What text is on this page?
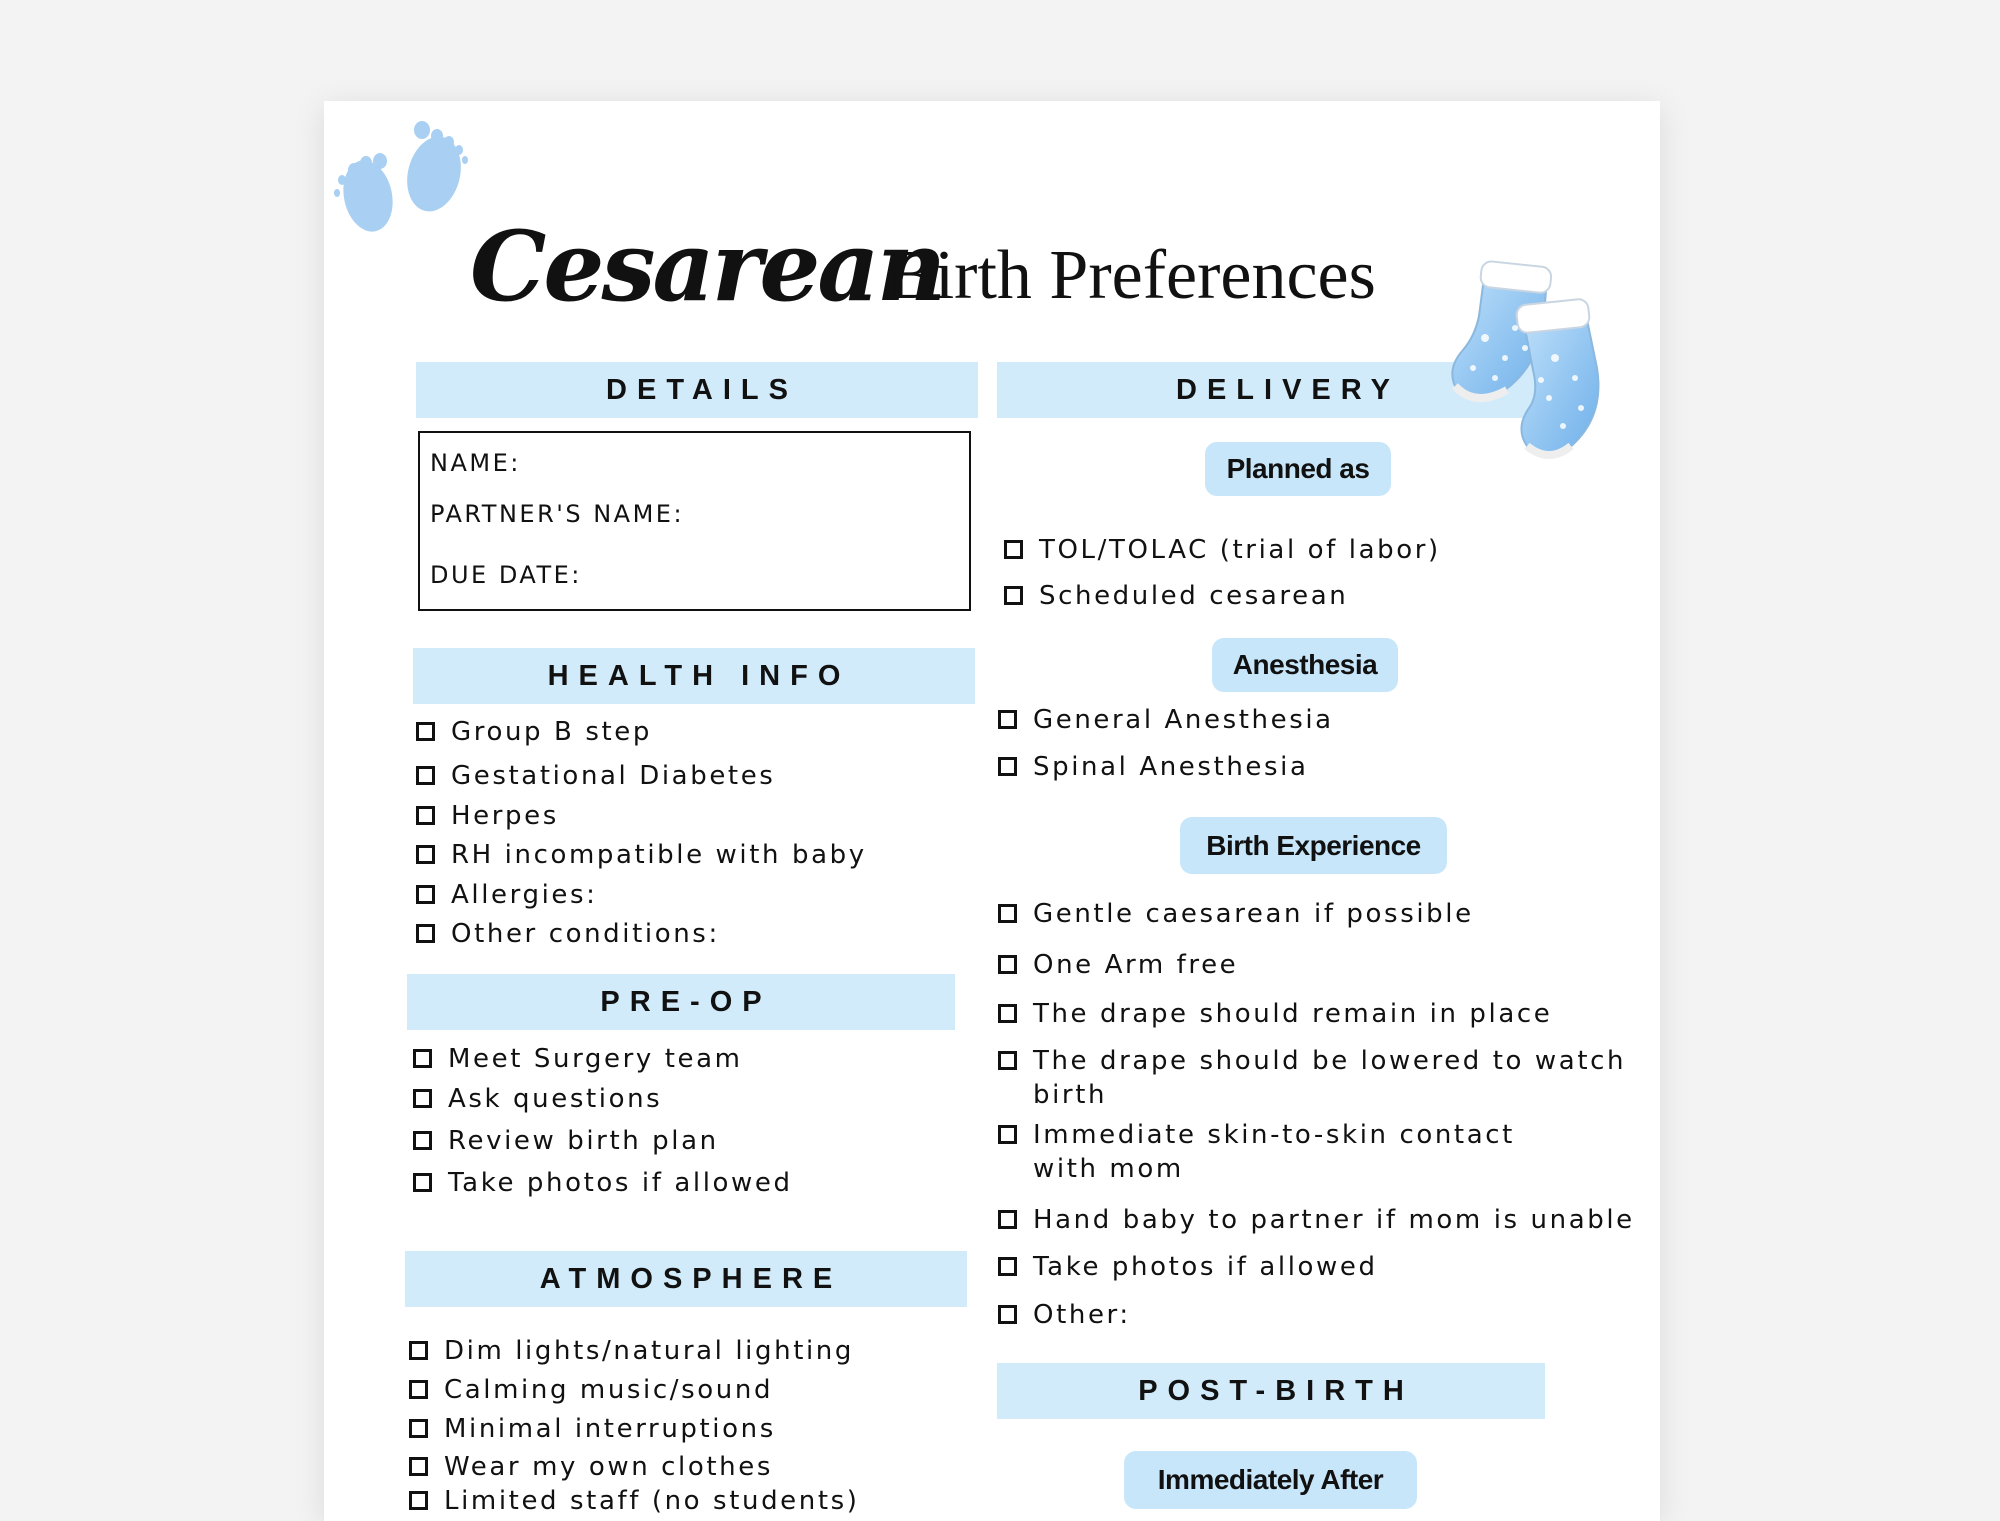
Cesarean
Birth Preferences
DETAILS
NAME:
PARTNER'S NAME:
DUE DATE:
HEALTH INFO
Group B step
Gestational Diabetes
Herpes
RH incompatible with baby
Allergies:
Other conditions:
PRE-OP
Meet Surgery team
Ask questions
Review birth plan
Take photos if allowed
ATMOSPHERE
Dim lights/natural lighting
Calming music/sound
Minimal interruptions
Wear my own clothes
Limited staff (no students)
DELIVERY
Planned as
TOL/TOLAC (trial of labor)
Scheduled cesarean
Anesthesia
General Anesthesia
Spinal Anesthesia
Birth Experience
Gentle caesarean if possible
One Arm free
The drape should remain in place
The drape should be lowered to watch
birth
Immediate skin-to-skin contact
with mom
Hand baby to partner if mom is unable
Take photos if allowed
Other:
POST-BIRTH
Immediately After
